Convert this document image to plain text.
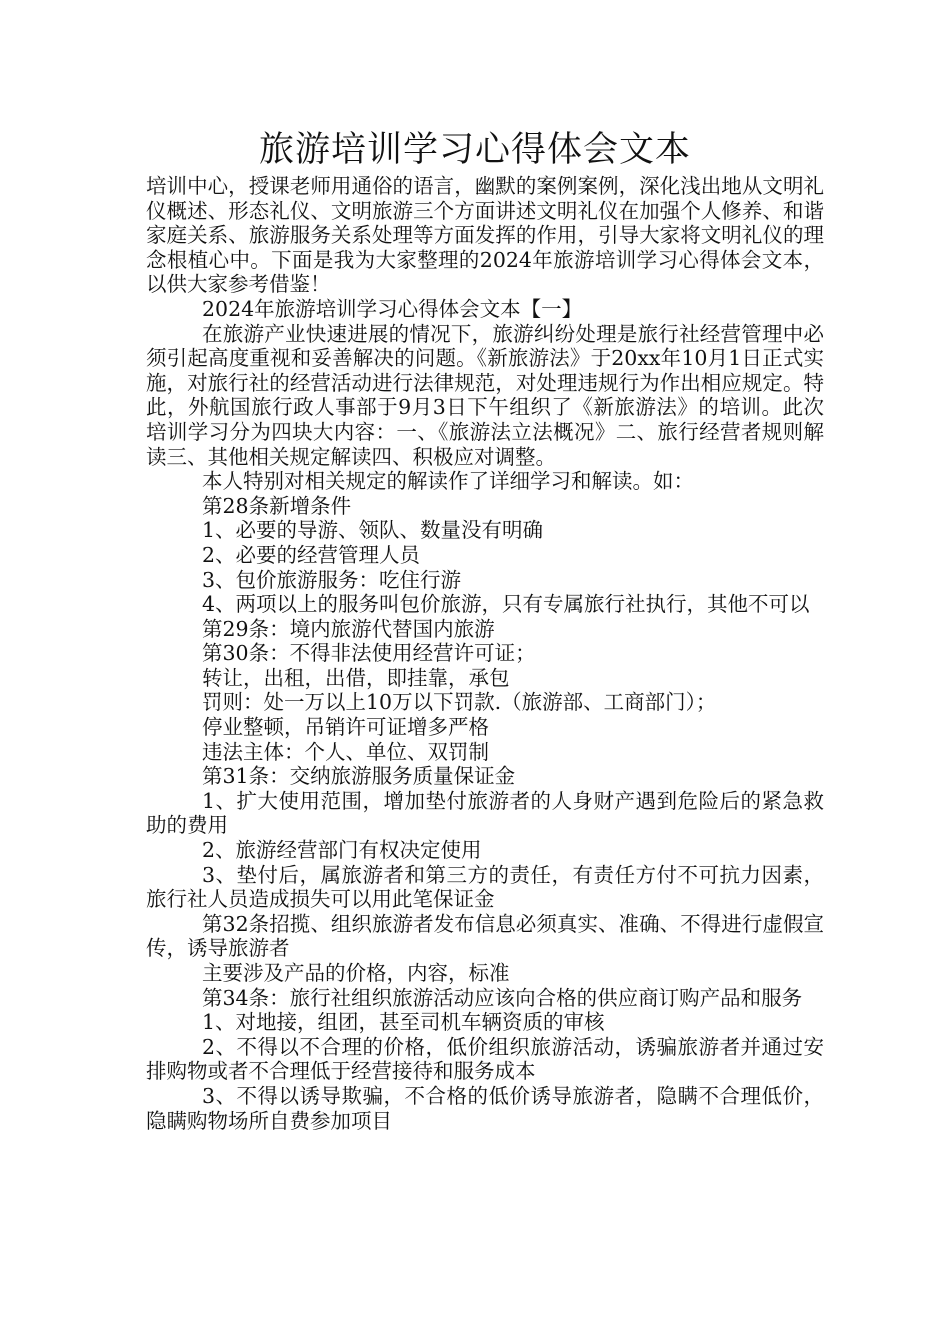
旅游培训学习心得体会文本

培训中心，授课老师用通俗的语言，幽默的案例案例，深化浅出地从文明礼仪概述、形态礼仪、文明旅游三个方面讲述文明礼仪在加强个人修养、和谐家庭关系、旅游服务关系处理等方面发挥的作用，引导大家将文明礼仪的理念根植心中。下面是我为大家整理的2024年旅游培训学习心得体会文本，以供大家参考借鉴！

2024年旅游培训学习心得体会文本【一】

在旅游产业快速进展的情况下，旅游纠纷处理是旅行社经营管理中必须引起高度重视和妥善解决的问题。《新旅游法》于20xx年10月1日正式实施，对旅行社的经营活动进行法律规范，对处理违规行为作出相应规定。特此，外航国旅行政人事部于9月3日下午组织了《新旅游法》的培训。此次培训学习分为四块大内容：一、《旅游法立法概况》二、旅行经营者规则解读三、其他相关规定解读四、积极应对调整。

本人特别对相关规定的解读作了详细学习和解读。如：

第28条新增条件

1、必要的导游、领队、数量没有明确

2、必要的经营管理人员

3、包价旅游服务：吃住行游

4、两项以上的服务叫包价旅游，只有专属旅行社执行，其他不可以

第29条：境内旅游代替国内旅游

第30条：不得非法使用经营许可证；

转让，出租，出借，即挂靠，承包

罚则：处一万以上10万以下罚款.（旅游部、工商部门）；

停业整顿，吊销许可证增多严格

违法主体：个人、单位、双罚制

第31条：交纳旅游服务质量保证金

1、扩大使用范围，增加垫付旅游者的人身财产遇到危险后的紧急救助的费用

2、旅游经营部门有权决定使用

3、垫付后，属旅游者和第三方的责任，有责任方付不可抗力因素，旅行社人员造成损失可以用此笔保证金

第32条招揽、组织旅游者发布信息必须真实、准确、不得进行虚假宣传，诱导旅游者

主要涉及产品的价格，内容，标准

第34条：旅行社组织旅游活动应该向合格的供应商订购产品和服务

1、对地接，组团，甚至司机车辆资质的审核

2、不得以不合理的价格，低价组织旅游活动，诱骗旅游者并通过安排购物或者不合理低于经营接待和服务成本

3、不得以诱导欺骗，不合格的低价诱导旅游者，隐瞒不合理低价，隐瞒购物场所自费参加项目
